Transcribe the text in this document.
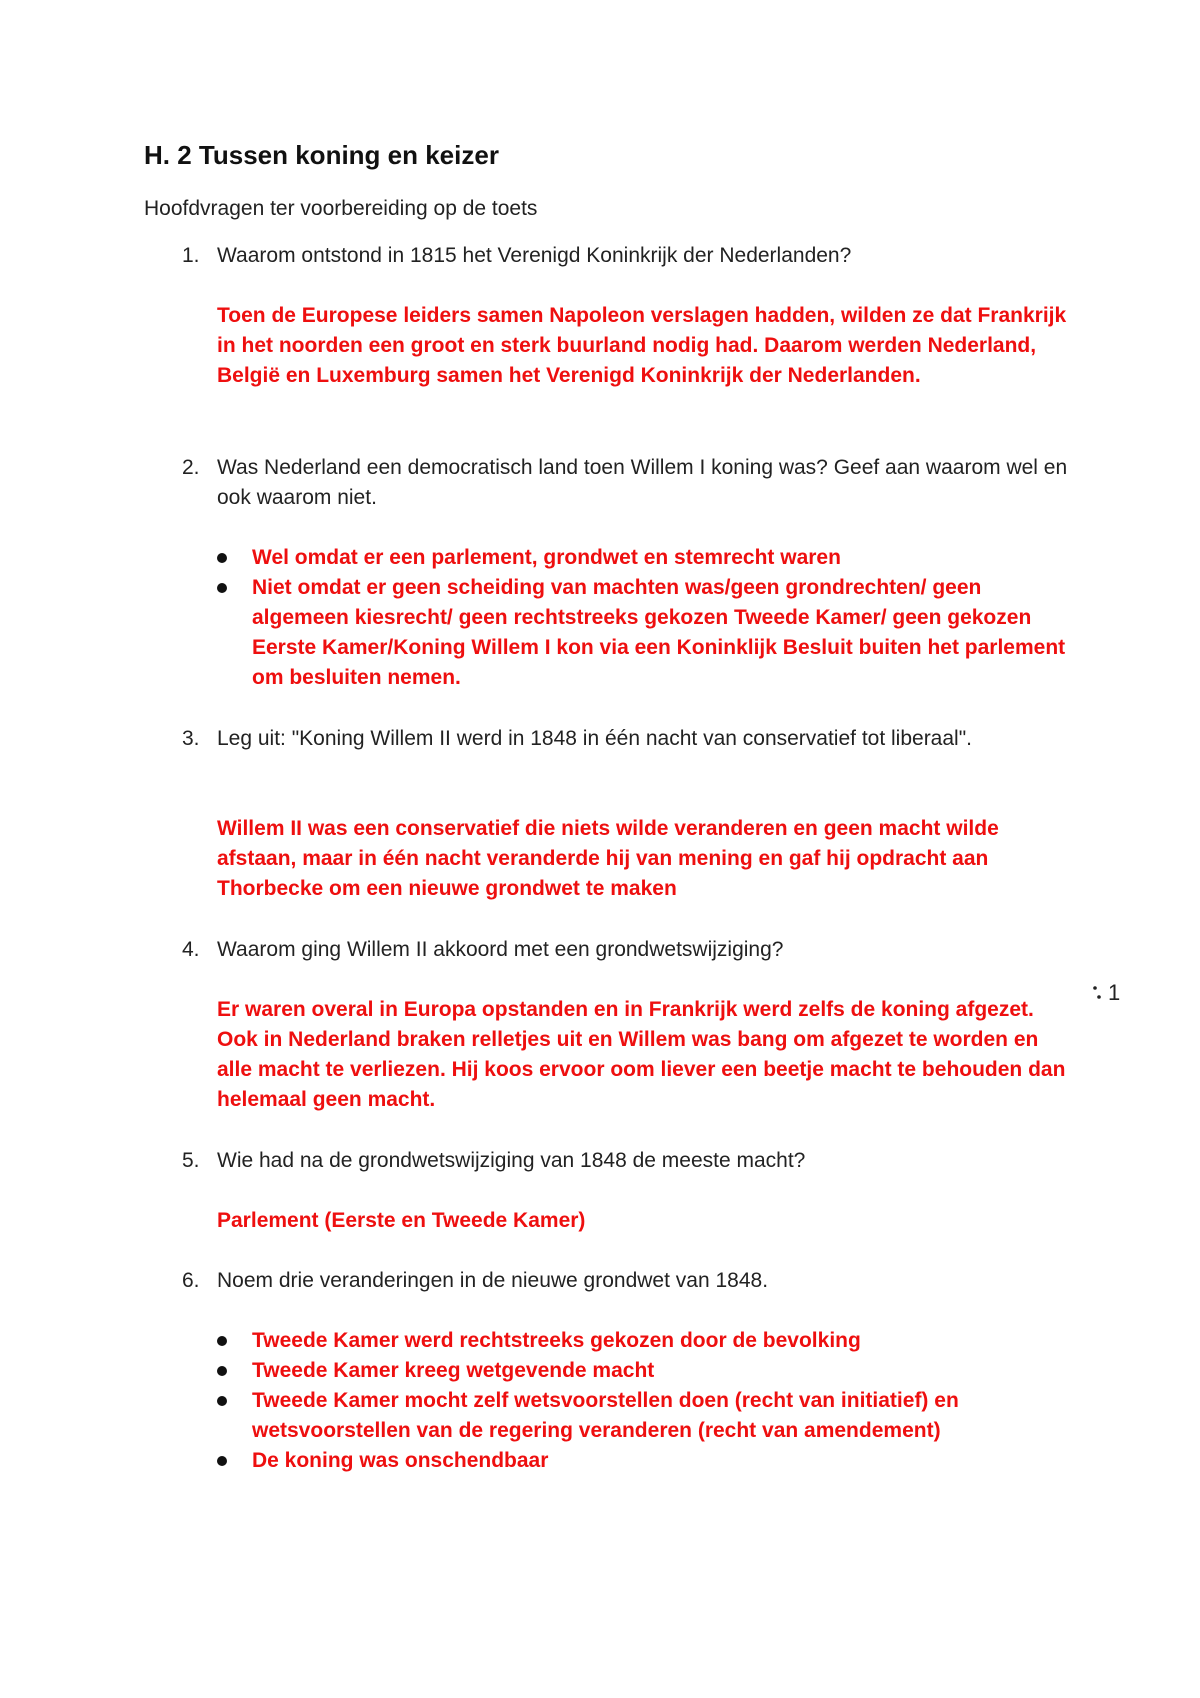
H. 2 Tussen koning en keizer
Hoofdvragen ter voorbereiding op de toets
1. Waarom ontstond in 1815 het Verenigd Koninkrijk der Nederlanden?
Toen de Europese leiders samen Napoleon verslagen hadden, wilden ze dat Frankrijk in het noorden een groot en sterk buurland nodig had. Daarom werden Nederland, België en Luxemburg samen het Verenigd Koninkrijk der Nederlanden.
2. Was Nederland een democratisch land toen Willem I koning was? Geef aan waarom wel en ook waarom niet.
Wel omdat er een parlement, grondwet en stemrecht waren
Niet omdat er geen scheiding van machten was/geen grondrechten/ geen algemeen kiesrecht/ geen rechtstreeks gekozen Tweede Kamer/ geen gekozen Eerste Kamer/Koning Willem I kon via een Koninklijk Besluit buiten het parlement om besluiten nemen.
3. Leg uit: "Koning Willem II werd in 1848 in één nacht van conservatief tot liberaal".
Willem II was een conservatief die niets wilde veranderen en geen macht wilde afstaan, maar in één nacht veranderde hij van mening en gaf hij opdracht aan Thorbecke om een nieuwe grondwet te maken
4. Waarom ging Willem II akkoord met een grondwetswijziging?
Er waren overal in Europa opstanden en in Frankrijk werd zelfs de koning afgezet. Ook in Nederland braken relletjes uit en Willem was bang om afgezet te worden en alle macht te verliezen. Hij koos ervoor oom liever een beetje macht te behouden dan helemaal geen macht.
5. Wie had na de grondwetswijziging van 1848 de meeste macht?
Parlement (Eerste en Tweede Kamer)
6. Noem drie veranderingen in de nieuwe grondwet van 1848.
Tweede Kamer werd rechtstreeks gekozen door de bevolking
Tweede Kamer kreeg wetgevende macht
Tweede Kamer mocht zelf wetsvoorstellen doen (recht van initiatief) en wetsvoorstellen van de regering veranderen (recht van amendement)
De koning was onschendbaar
1
